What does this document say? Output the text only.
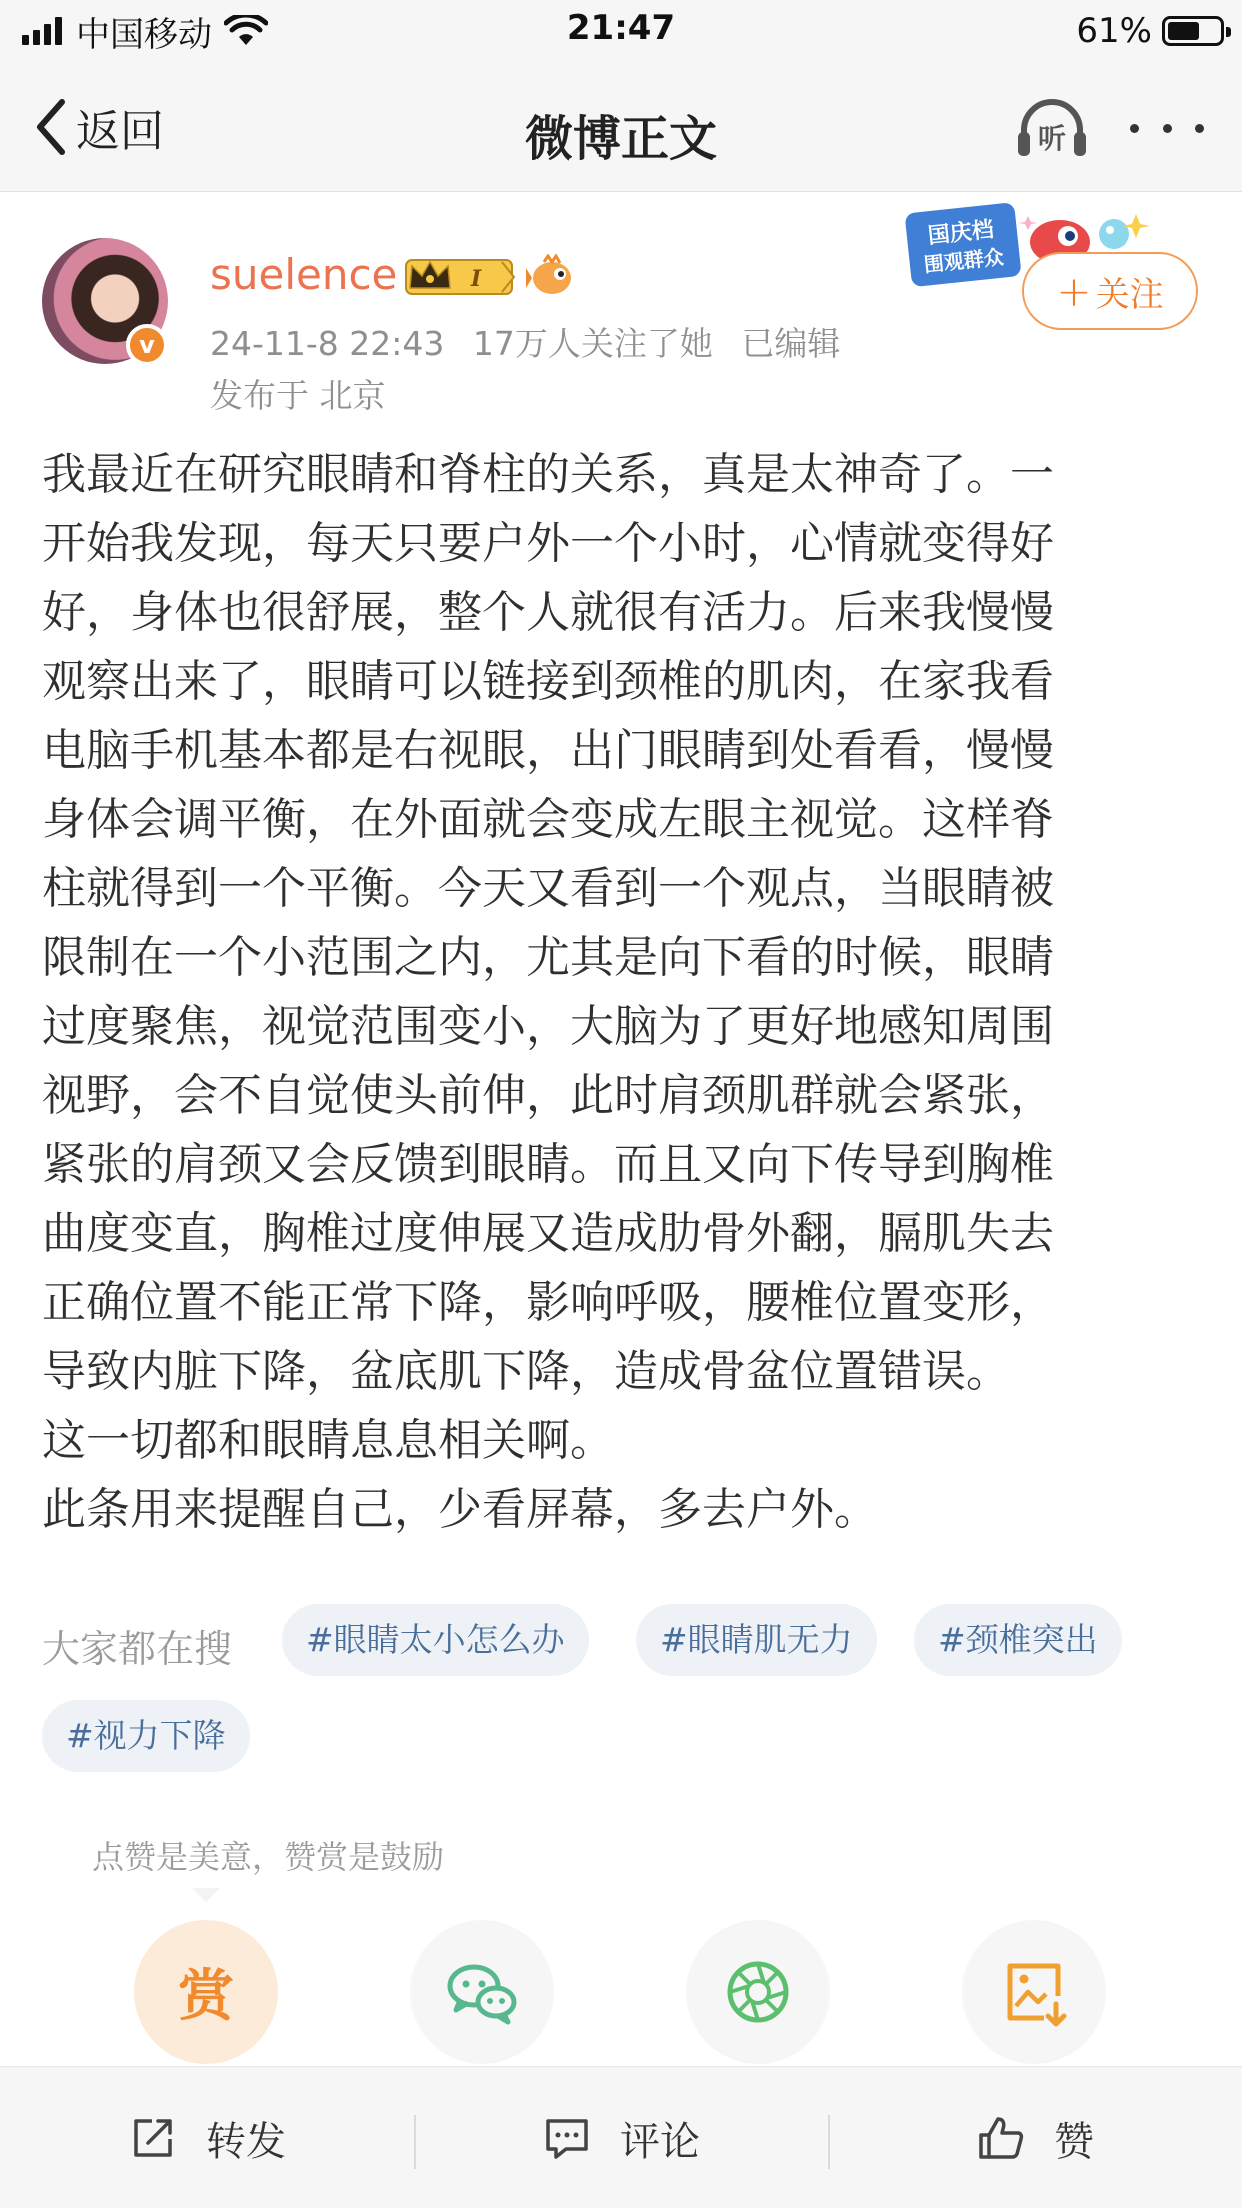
中国移动	21:47	61%
返回	微博正文	听
v
suelence	I
24-11-8 22:43 17万人关注了她 已编辑
发布于 北京
国庆档
围观群众
+ 关注

我最近在研究眼睛和脊柱的关系，真是太神奇了。一

开始我发现，每天只要户外一个小时，心情就变得好

好，身体也很舒展，整个人就很有活力。后来我慢慢

观察出来了，眼睛可以链接到颈椎的肌肉，在家我看

电脑手机基本都是右视眼，出门眼睛到处看看，慢慢

身体会调平衡，在外面就会变成左眼主视觉。这样脊

柱就得到一个平衡。今天又看到一个观点，当眼睛被

限制在一个小范围之内，尤其是向下看的时候，眼睛

过度聚焦，视觉范围变小，大脑为了更好地感知周围

视野，会不自觉使头前伸，此时肩颈肌群就会紧张，

紧张的肩颈又会反馈到眼睛。而且又向下传导到胸椎

曲度变直，胸椎过度伸展又造成肋骨外翻，膈肌失去

正确位置不能正常下降，影响呼吸，腰椎位置变形，

导致内脏下降，盆底肌下降，造成骨盆位置错误。

这一切都和眼睛息息相关啊。

此条用来提醒自己，少看屏幕，多去户外。

大家都在搜	#眼睛太小怎么办	#眼睛肌无力	#颈椎突出
#视力下降
点赞是美意，赞赏是鼓励
赏
转发	评论	赞
